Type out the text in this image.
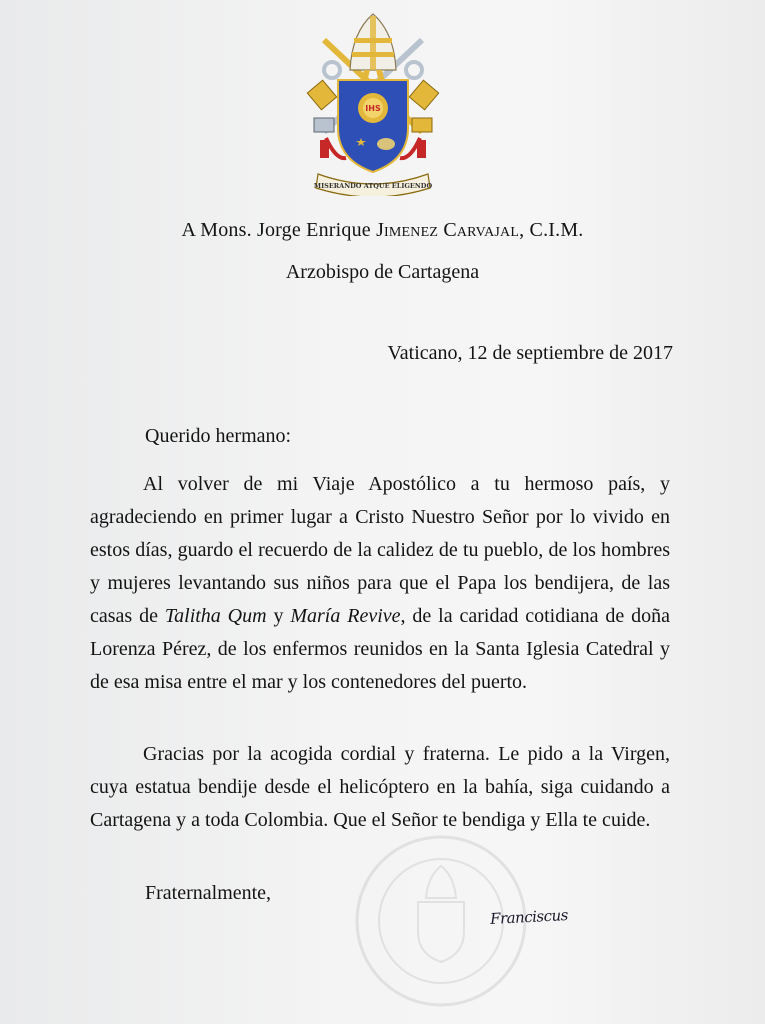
IHS
MISERANDO ATQUE ELIGENDO
A Mons. Jorge Enrique Jimenez Carvajal, C.I.M.
Arzobispo de Cartagena
Vaticano, 12 de septiembre de 2017
Querido hermano:

Al volver de mi Viaje Apostólico a tu hermoso país, y agradeciendo en primer lugar a Cristo Nuestro Señor por lo vivido en estos días, guardo el recuerdo de la calidez de tu pueblo, de los hombres y mujeres levantando sus niños para que el Papa los bendijera, de las casas de Talitha Qum y María Revive, de la caridad cotidiana de doña Lorenza Pérez, de los enfermos reunidos en la Santa Iglesia Catedral y de esa misa entre el mar y los contenedores del puerto.

Gracias por la acogida cordial y fraterna. Le pido a la Virgen, cuya estatua bendije desde el helicóptero en la bahía, siga cuidando a Cartagena y a toda Colombia. Que el Señor te bendiga y Ella te cuide.

Fraternalmente,
Franciscus
